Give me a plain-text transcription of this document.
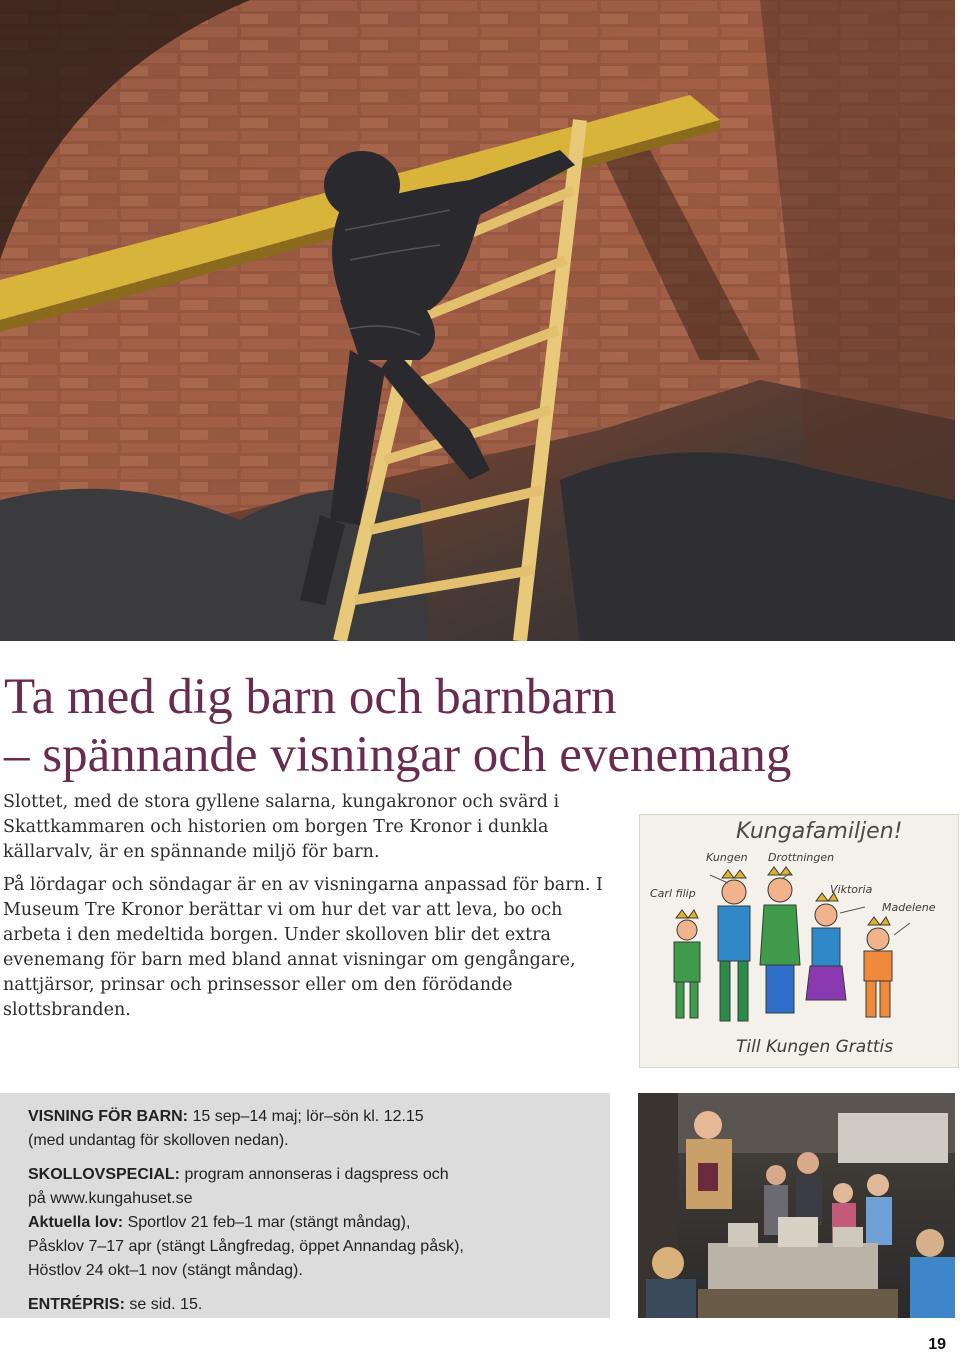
Ta med dig barn och barnbarn
– spännande visningar och evenemang

Slottet, med de stora gyllene salarna, kungakronor och svärd i Skattkammaren och historien om borgen Tre Kronor i dunkla källarvalv, är en spännande miljö för barn.

På lördagar och söndagar är en av visningarna anpassad för barn. I Museum Tre Kronor berättar vi om hur det var att leva, bo och arbeta i den medeltida borgen. Under skolloven blir det extra evenemang för barn med bland annat visningar om gengångare, nattjärsor, prinsar och prinsessor eller om den förödande slottsbranden.

Kungafamiljen!
Kungen Drottningen
Carl filip	Viktoria
Madelene
Till Kungen Grattis
VISNING FÖR BARN: 15 sep–14 maj; lör–sön kl. 12.15
(med undantag för skolloven nedan).
SKOLLOVSPECIAL: program annonseras i dagspress och
på www.kungahuset.se
Aktuella lov: Sportlov 21 feb–1 mar (stängt måndag),
Påsklov 7–17 apr (stängt Långfredag, öppet Annandag påsk),
Höstlov 24 okt–1 nov (stängt måndag).
ENTRÉPRIS: se sid. 15.
19
